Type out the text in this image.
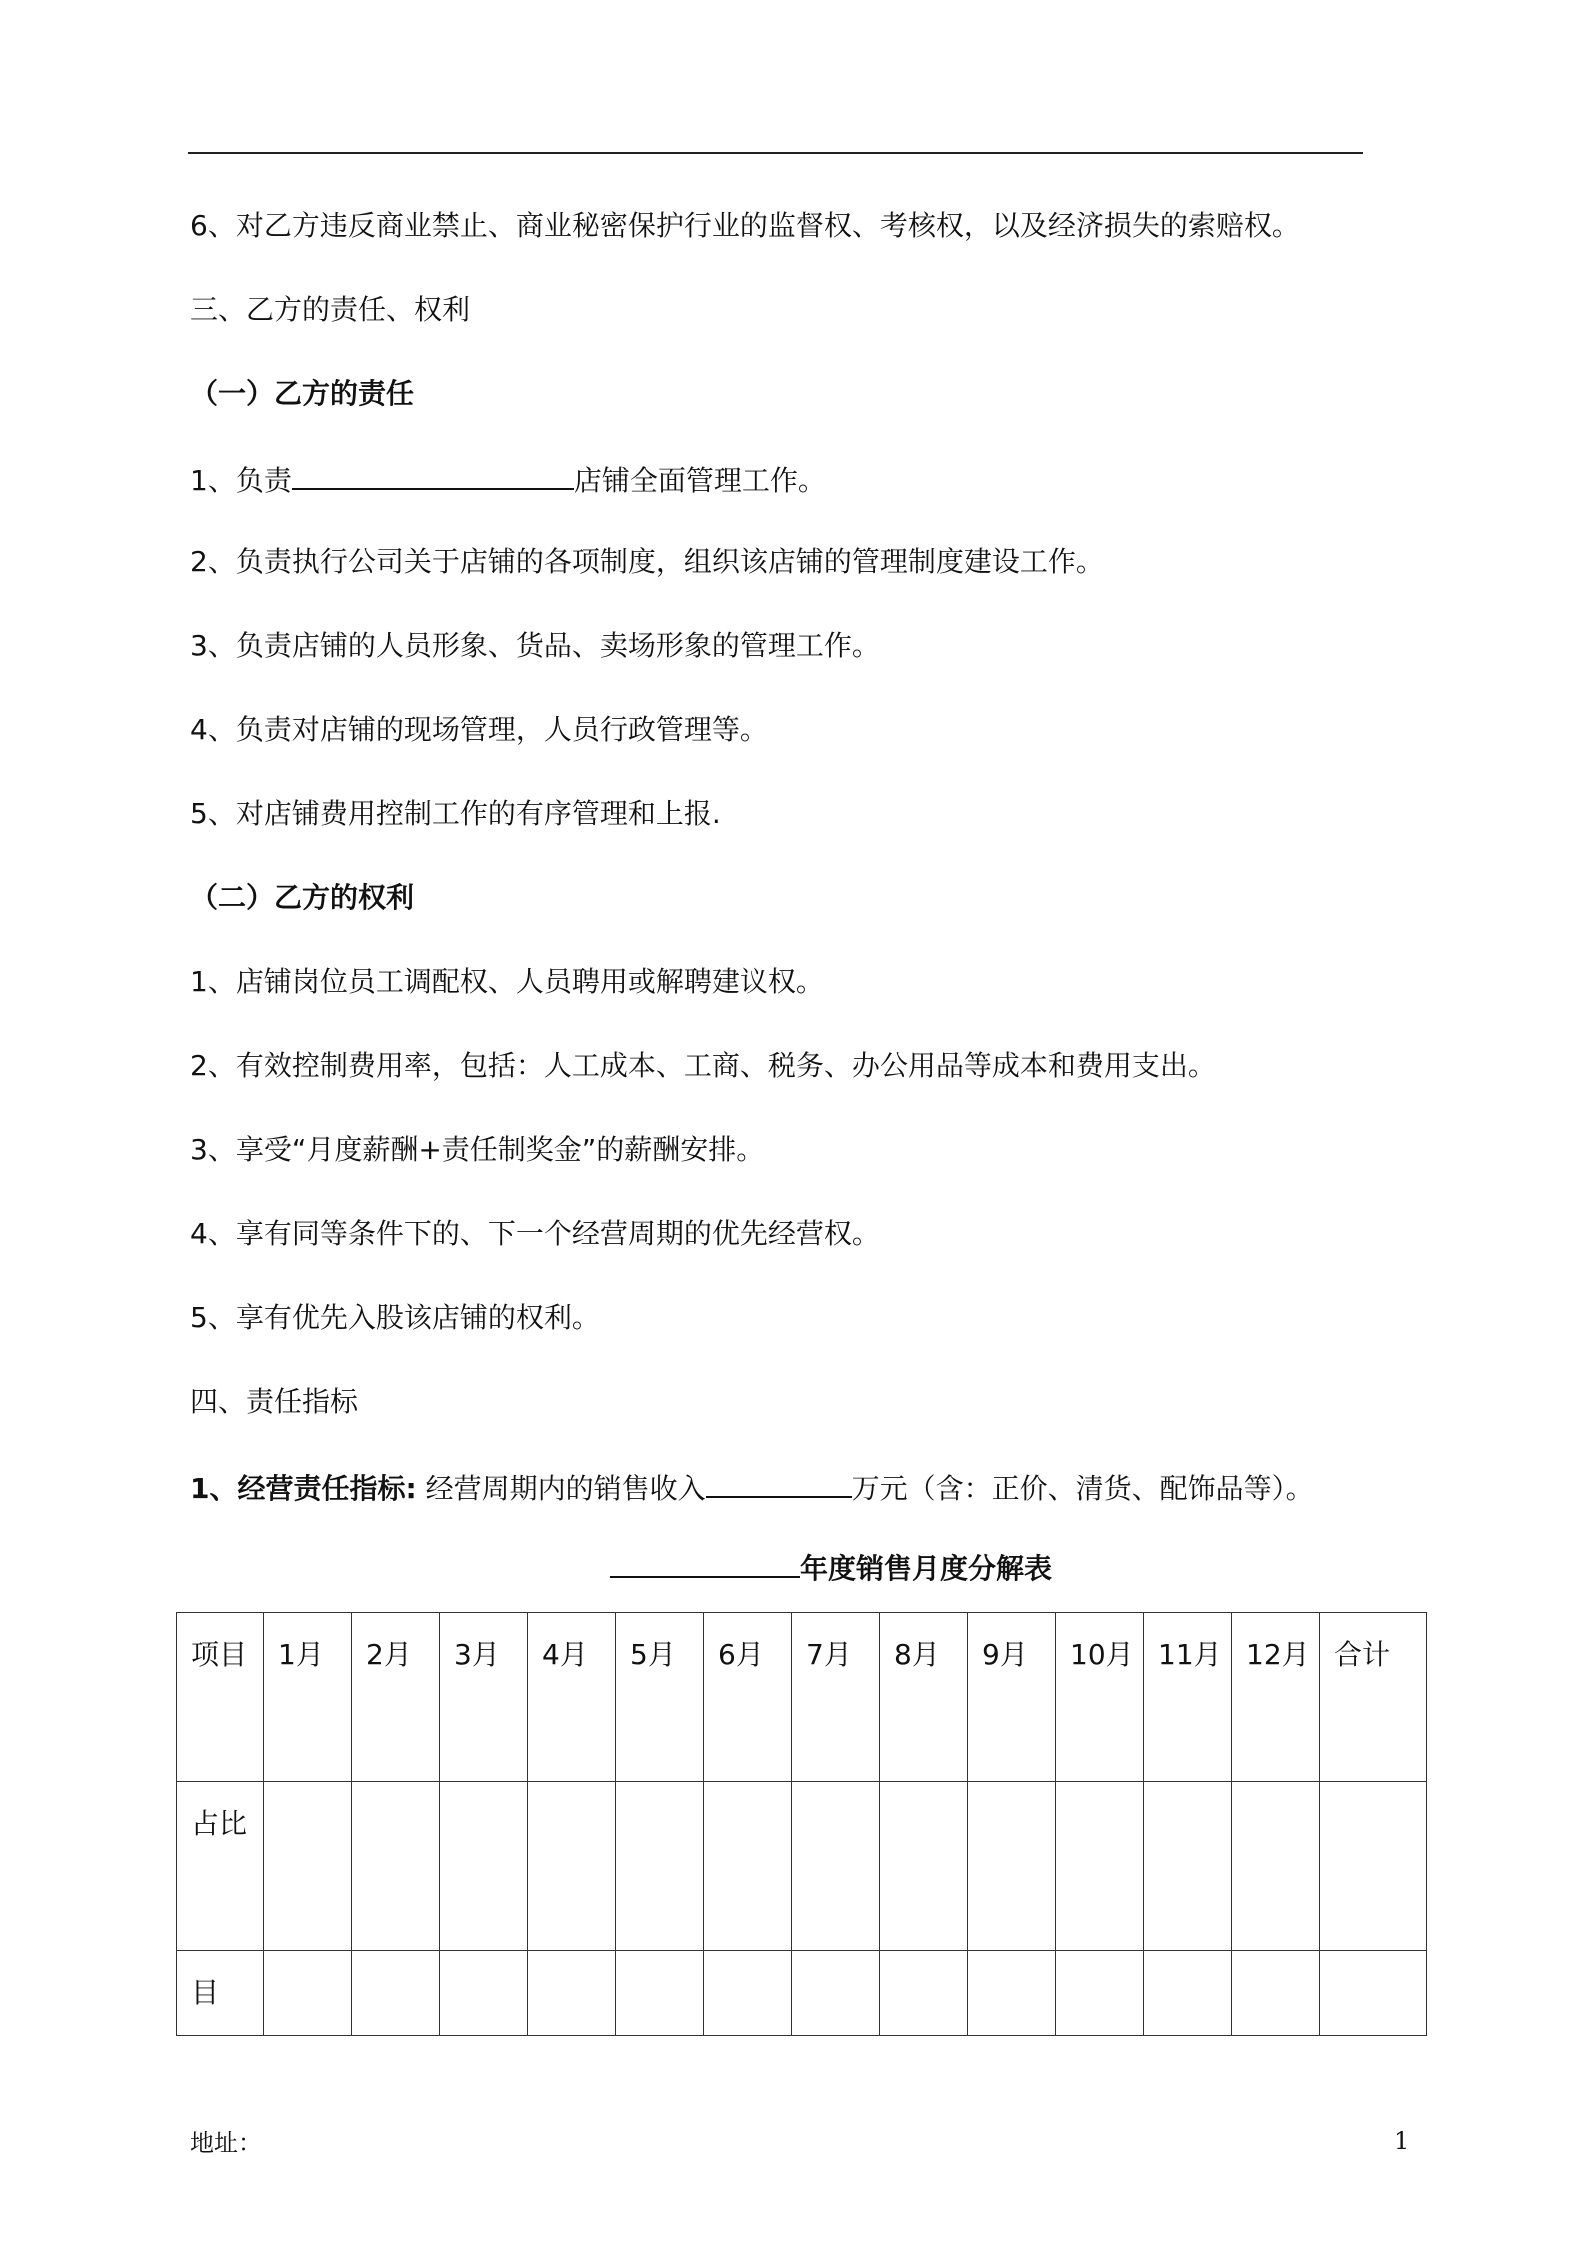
6、对乙方违反商业禁止、商业秘密保护行业的监督权、考核权，以及经济损失的索赔权。
三、乙方的责任、权利
（一）乙方的责任
1、负责	店铺全面管理工作。
2、负责执行公司关于店铺的各项制度，组织该店铺的管理制度建设工作。
3、负责店铺的人员形象、货品、卖场形象的管理工作。
4、负责对店铺的现场管理，人员行政管理等。
5、对店铺费用控制工作的有序管理和上报.
（二）乙方的权利
1、店铺岗位员工调配权、人员聘用或解聘建议权。
2、有效控制费用率，包括：人工成本、工商、税务、办公用品等成本和费用支出。
3、享受“月度薪酬+责任制奖金”的薪酬安排。
4、享有同等条件下的、下一个经营周期的优先经营权。
5、享有优先入股该店铺的权利。
四、责任指标
1、经营责任指标: 经营周期内的销售收入	万元（含：正价、清货、配饰品等）。
年度销售月度分解表
项目	1月	2月	3月	4月	5月	6月	7月	8月	9月	10月	11月	12月	合计
占比													
目													
地址：	1
